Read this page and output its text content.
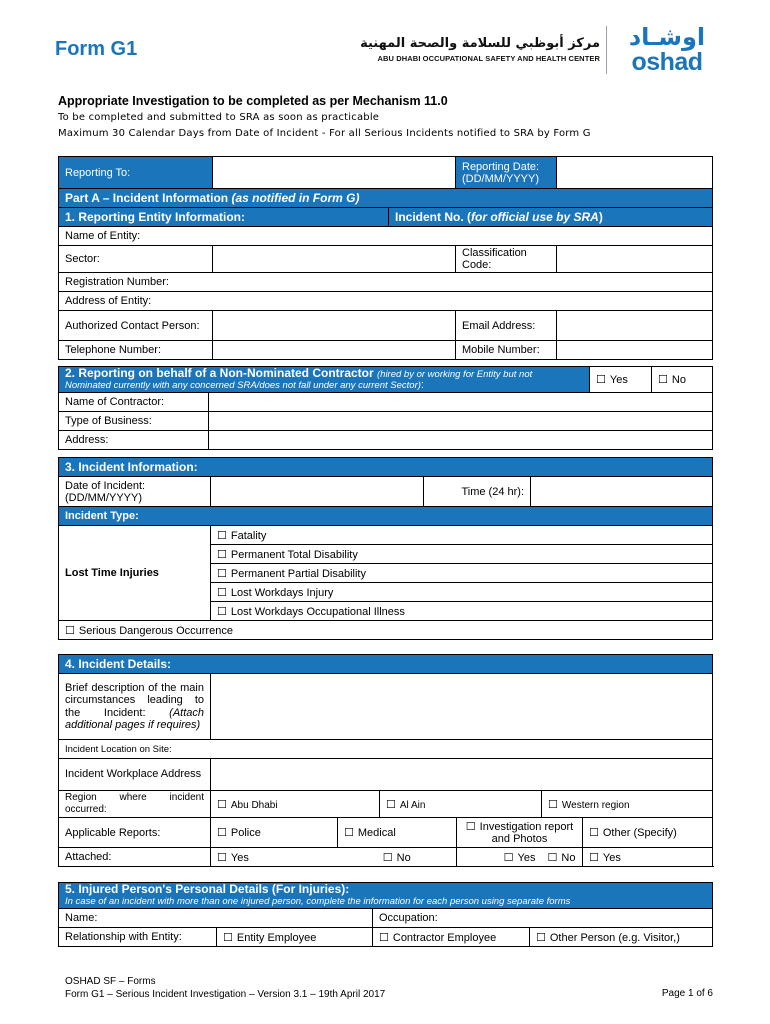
Form G1	مركز أبوظبي للسلامة والصحة المهنية
ABU DHABI OCCUPATIONAL SAFETY AND HEALTH CENTER
اوشـاد
oshad
Appropriate Investigation to be completed as per Mechanism 11.0
To be completed and submitted to SRA as soon as practicable
Maximum 30 Calendar Days from Date of Incident - For all Serious Incidents notified to SRA by Form G
Reporting To:			Reporting Date: (DD/MM/YYYY)	
Part A – Incident Information (as notified in Form G)				
1. Reporting Entity Information:		Incident No. (for official use by SRA)		
Name of Entity:				
Sector:			Classification Code:	
Registration Number:				
Address of Entity:				
Authorized Contact Person:			Email Address:	
Telephone Number:			Mobile Number:	
2. Reporting on behalf of a Non-Nominated Contractor (hired by or working for Entity but not
Nominated currently with any concerned SRA/does not fall under any current Sector):		☐ Yes	☐ No
Name of Contractor:			
Type of Business:			
Address:			
3. Incident Information:			
Date of Incident: (DD/MM/YYYY)		Time (24 hr):	
Incident Type:			
Lost Time Injuries	☐ Fatality
	☐ Permanent Total Disability
	☐ Permanent Partial Disability
	☐ Lost Workdays Injury
	☐ Lost Workdays Occupational Illness
☐ Serious Dangerous Occurrence
4. Incident Details:							
Brief description of the main circumstances leading to the Incident: (Attach additional pages if requires)							
Incident Location on Site:							
Incident Workplace Address							
Region where incident occurred:	☐ Abu Dhabi		☐ Al Ain		☐ Western region
Applicable Reports:	☐ Police	☐ Medical		☐ Investigation report and Photos		☐ Other (Specify)
Attached:	☐ Yes	☐ No		☐ Yes	☐ No	☐ Yes	
5. Injured Person's Personal Details (For Injuries):
In case of an incident with more than one injured person, complete the information for each person using separate forms			
Name:		Occupation:	
Relationship with Entity:	☐ Entity Employee	☐ Contractor Employee	☐ Other Person (e.g. Visitor,)
OSHAD SF – Forms
Form G1 – Serious Incident Investigation – Version 3.1 – 19th April 2017	Page 1 of 6
